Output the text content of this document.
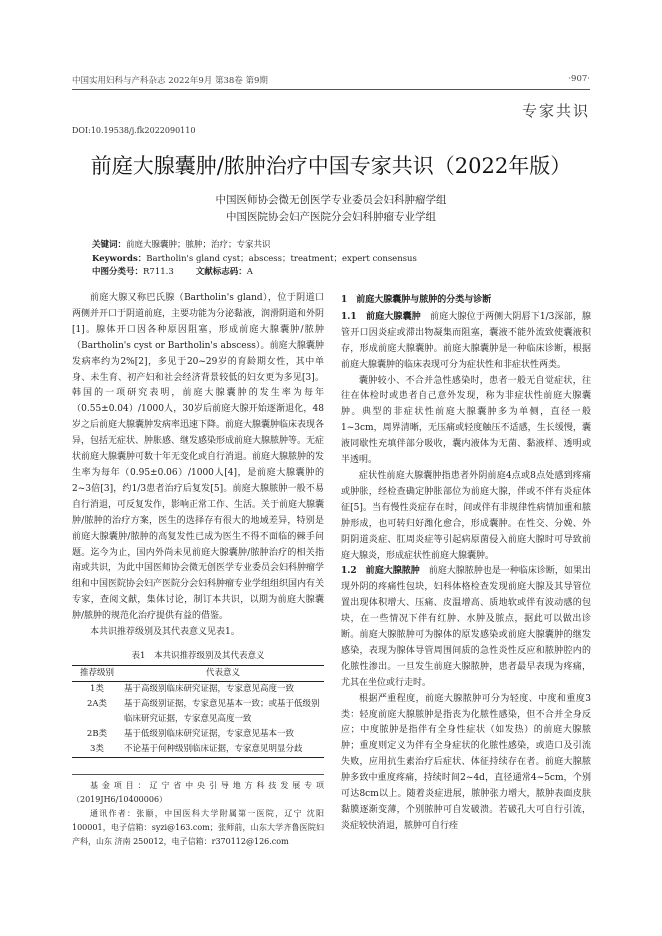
中国实用妇科与产科杂志 2022年9月 第38卷 第9期	·907·
专家共识
DOI:10.19538/j.fk2022090110
前庭大腺囊肿/脓肿治疗中国专家共识（2022年版）
中国医师协会微无创医学专业委员会妇科肿瘤学组
中国医院协会妇产医院分会妇科肿瘤专业学组
关键词：前庭大腺囊肿；脓肿；治疗；专家共识
Keywords：Bartholin's gland cyst；abscess；treatment；expert consensus
中图分类号：R711.3	文献标志码：A

前庭大腺又称巴氏腺（Bartholin's gland），位于阴道口两侧并开口于阴道前庭，主要功能为分泌黏液，润滑阴道和外阴[1]。腺体开口因各种原因阻塞，形成前庭大腺囊肿/脓肿（Bartholin's cyst or Bartholin's abscess）。前庭大腺囊肿发病率约为2%[2]，多见于20~29岁的育龄期女性，其中单身、未生育、初产妇和社会经济背景较低的妇女更为多见[3]。韩国的一项研究表明，前庭大腺囊肿的发生率为每年（0.55±0.04）/1000人，30岁后前庭大腺开始逐渐退化，48岁之后前庭大腺囊肿发病率迅速下降。前庭大腺囊肿临床表现各异，包括无症状、肿胀感、继发感染形成前庭大腺脓肿等。无症状前庭大腺囊肿可数十年无变化或自行消退。前庭大腺脓肿的发生率为每年（0.95±0.06）/1000人[4]，是前庭大腺囊肿的2~3倍[3]，约1/3患者治疗后复发[5]。前庭大腺脓肿一般不易自行消退，可反复发作，影响正常工作、生活。关于前庭大腺囊肿/脓肿的治疗方案，医生的选择存有很大的地域差异，特别是前庭大腺囊肿/脓肿的高复发性已成为医生不得不面临的棘手问题。迄今为止，国内外尚未见前庭大腺囊肿/脓肿治疗的相关指南或共识，为此中国医师协会微无创医学专业委员会妇科肿瘤学组和中国医院协会妇产医院分会妇科肿瘤专业学组组织国内有关专家，查阅文献，集体讨论，制订本共识，以期为前庭大腺囊肿/脓肿的规范化治疗提供有益的借鉴。

本共识推荐级别及其代表意义见表1。

表1　本共识推荐级别及其代表意义
推荐级别	代表意义
1类	基于高级别临床研究证据，专家意见高度一致
2A类	基于高级别证据，专家意见基本一致；或基于低级别临床研究证据，专家意见高度一致
2B类	基于低级别临床研究证据，专家意见基本一致
3类	不论基于何种级别临床证据，专家意见明显分歧
基金项目：辽宁省中央引导地方科技发展专项（2019JH6/10400006）
通讯作者：张颐，中国医科大学附属第一医院，辽宁 沈阳 100001，电子信箱：syzi@163.com；张师前，山东大学齐鲁医院妇产科，山东 济南 250012，电子信箱：r370112@126.com
1　前庭大腺囊肿与脓肿的分类与诊断

1.1　前庭大腺囊肿　 前庭大腺位于两侧大阴唇下1/3深部，腺管开口因炎症或滞出物凝集而阻塞，囊液不能外流致使囊液积存，形成前庭大腺囊肿。前庭大腺囊肿是一种临床诊断，根据前庭大腺囊肿的临床表现可分为症状性和非症状性两类。

囊肿较小、不合并急性感染时，患者一般无自觉症状，往往在体检时或患者自己意外发现，称为非症状性前庭大腺囊肿。典型的非症状性前庭大腺囊肿多为单侧，直径一般1~3cm，周界清晰，无压痛或轻度触压不适感，生长缓慢，囊液同歇性充填伴部分吸收，囊内液体为无菌、黏液样、透明或半透明。

症状性前庭大腺囊肿指患者外阴前庭4点或8点处感到疼痛或肿胀，经检查确定肿胀部位为前庭大腺，伴或不伴有炎症体征[5]。当有慢性炎症存在时，间或伴有非规律性病情加重和脓肿形成，也可转归好潍化愈合，形成囊肿。在性交、分娩、外阴阴道炎症、肛周炎症等引起病原菌侵入前庭大腺时可导致前庭大腺炎，形成症状性前庭大腺囊肿。

1.2　前庭大腺脓肿　 前庭大腺脓肿也是一种临床诊断，如果出现外阴的疼痛性包块，妇科体格检查发现前庭大腺及其导管位置出现体积增大、压痛、皮温增高、质地软或伴有波动感的包块，在一些情况下伴有红肿、水肿及脓点，据此可以做出诊断。前庭大腺脓肿可为腺体的原发感染或前庭大腺囊肿的继发感染，表现为腺体导管周围间质的急性炎性反应和脓肿腔内的化脓性渗出。一旦发生前庭大腺脓肿，患者最早表现为疼痛，尤其在坐位或行走时。

根据严重程度，前庭大腺脓肿可分为轻度、中度和重度3类：轻度前庭大腺脓肿是指丧为化脓性感染，但不合并全身反应；中度脓肿是指伴有全身性症状（如发热）的前庭大腺脓肿；重度则定义为伴有全身症状的化脓性感染，或造口及引流失败，应用抗生素治疗后症状、体征持续存在者。前庭大腺脓肿多致中重度疼痛，持续时间2~4d，直径通常4~5cm，个别可达8cm以上。随着炎症进展，脓肿张力增大，脓肿表面皮肤黏膜逐渐变薄，个别脓肿可自发破溃。若破孔大可自行引流，炎症较快消退，脓肿可自行痊
